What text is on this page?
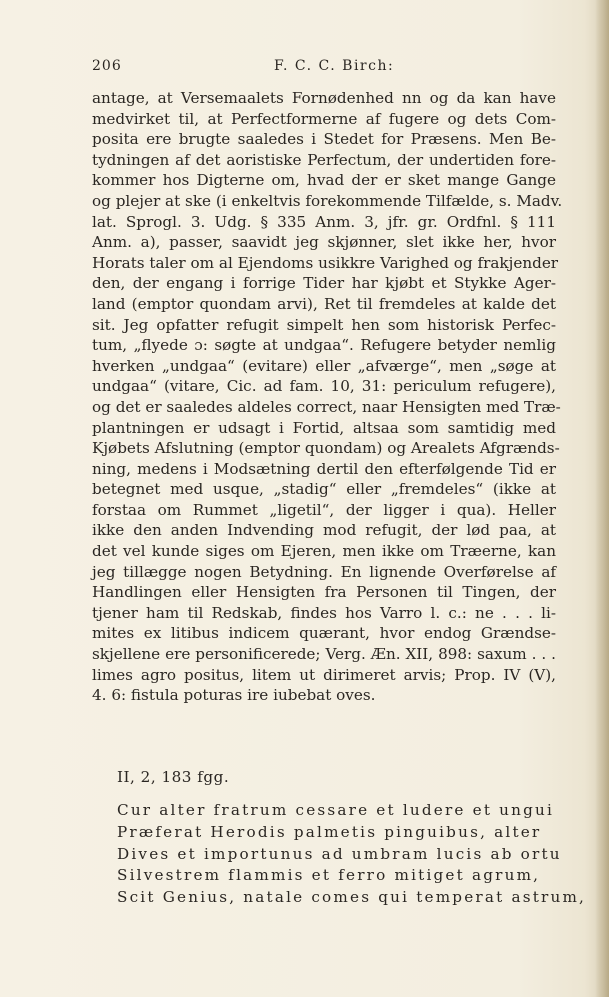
206	F. C. C. Birch:
antage, at Versemaalets Fornødenhed nn og da kan have
medvirket til, at Perfectformerne af fugere og dets Com-
posita ere brugte saaledes i Stedet for Præsens. Men Be-
tydningen af det aoristiske Perfectum, der undertiden fore-
kommer hos Digterne om, hvad der er sket mange Gange
og plejer at ske (i enkeltvis forekommende Tilfælde, s. Madv.
lat. Sprogl. 3. Udg. § 335 Anm. 3, jfr. gr. Ordfnl. § 111
Anm. a), passer, saavidt jeg skjønner, slet ikke her, hvor
Horats taler om al Ejendoms usikkre Varighed og frakjender
den, der engang i forrige Tider har kjøbt et Stykke Ager-
land (emptor quondam arvi), Ret til fremdeles at kalde det
sit. Jeg opfatter refugit simpelt hen som historisk Perfec-
tum, „flyede ɔ: søgte at undgaa“. Refugere betyder nemlig
hverken „undgaa“ (evitare) eller „afværge“, men „søge at
undgaa“ (vitare, Cic. ad fam. 10, 31: periculum refugere),
og det er saaledes aldeles correct, naar Hensigten med Træ-
plantningen er udsagt i Fortid, altsaa som samtidig med
Kjøbets Afslutning (emptor quondam) og Arealets Afgrænds-
ning, medens i Modsætning dertil den efterfølgende Tid er
betegnet med usque, „stadig“ eller „fremdeles“ (ikke at
forstaa om Rummet „ligetil“, der ligger i qua). Heller
ikke den anden Indvending mod refugit, der lød paa, at
det vel kunde siges om Ejeren, men ikke om Træerne, kan
jeg tillægge nogen Betydning. En lignende Overførelse af
Handlingen eller Hensigten fra Personen til Tingen, der
tjener ham til Redskab, findes hos Varro l. c.: ne . . . li-
mites ex litibus indicem quærant, hvor endog Grændse-
skjellene ere personificerede; Verg. Æn. XII, 898: saxum . . .
limes agro positus, litem ut dirimeret arvis; Prop. IV (V),
4. 6: fistula poturas ire iubebat oves.
II, 2, 183 fgg.
Cur alter fratrum cessare et ludere et ungui
Præferat Herodis palmetis pinguibus, alter
Dives et importunus ad umbram lucis ab ortu
Silvestrem flammis et ferro mitiget agrum,
Scit Genius, natale comes qui temperat astrum,
